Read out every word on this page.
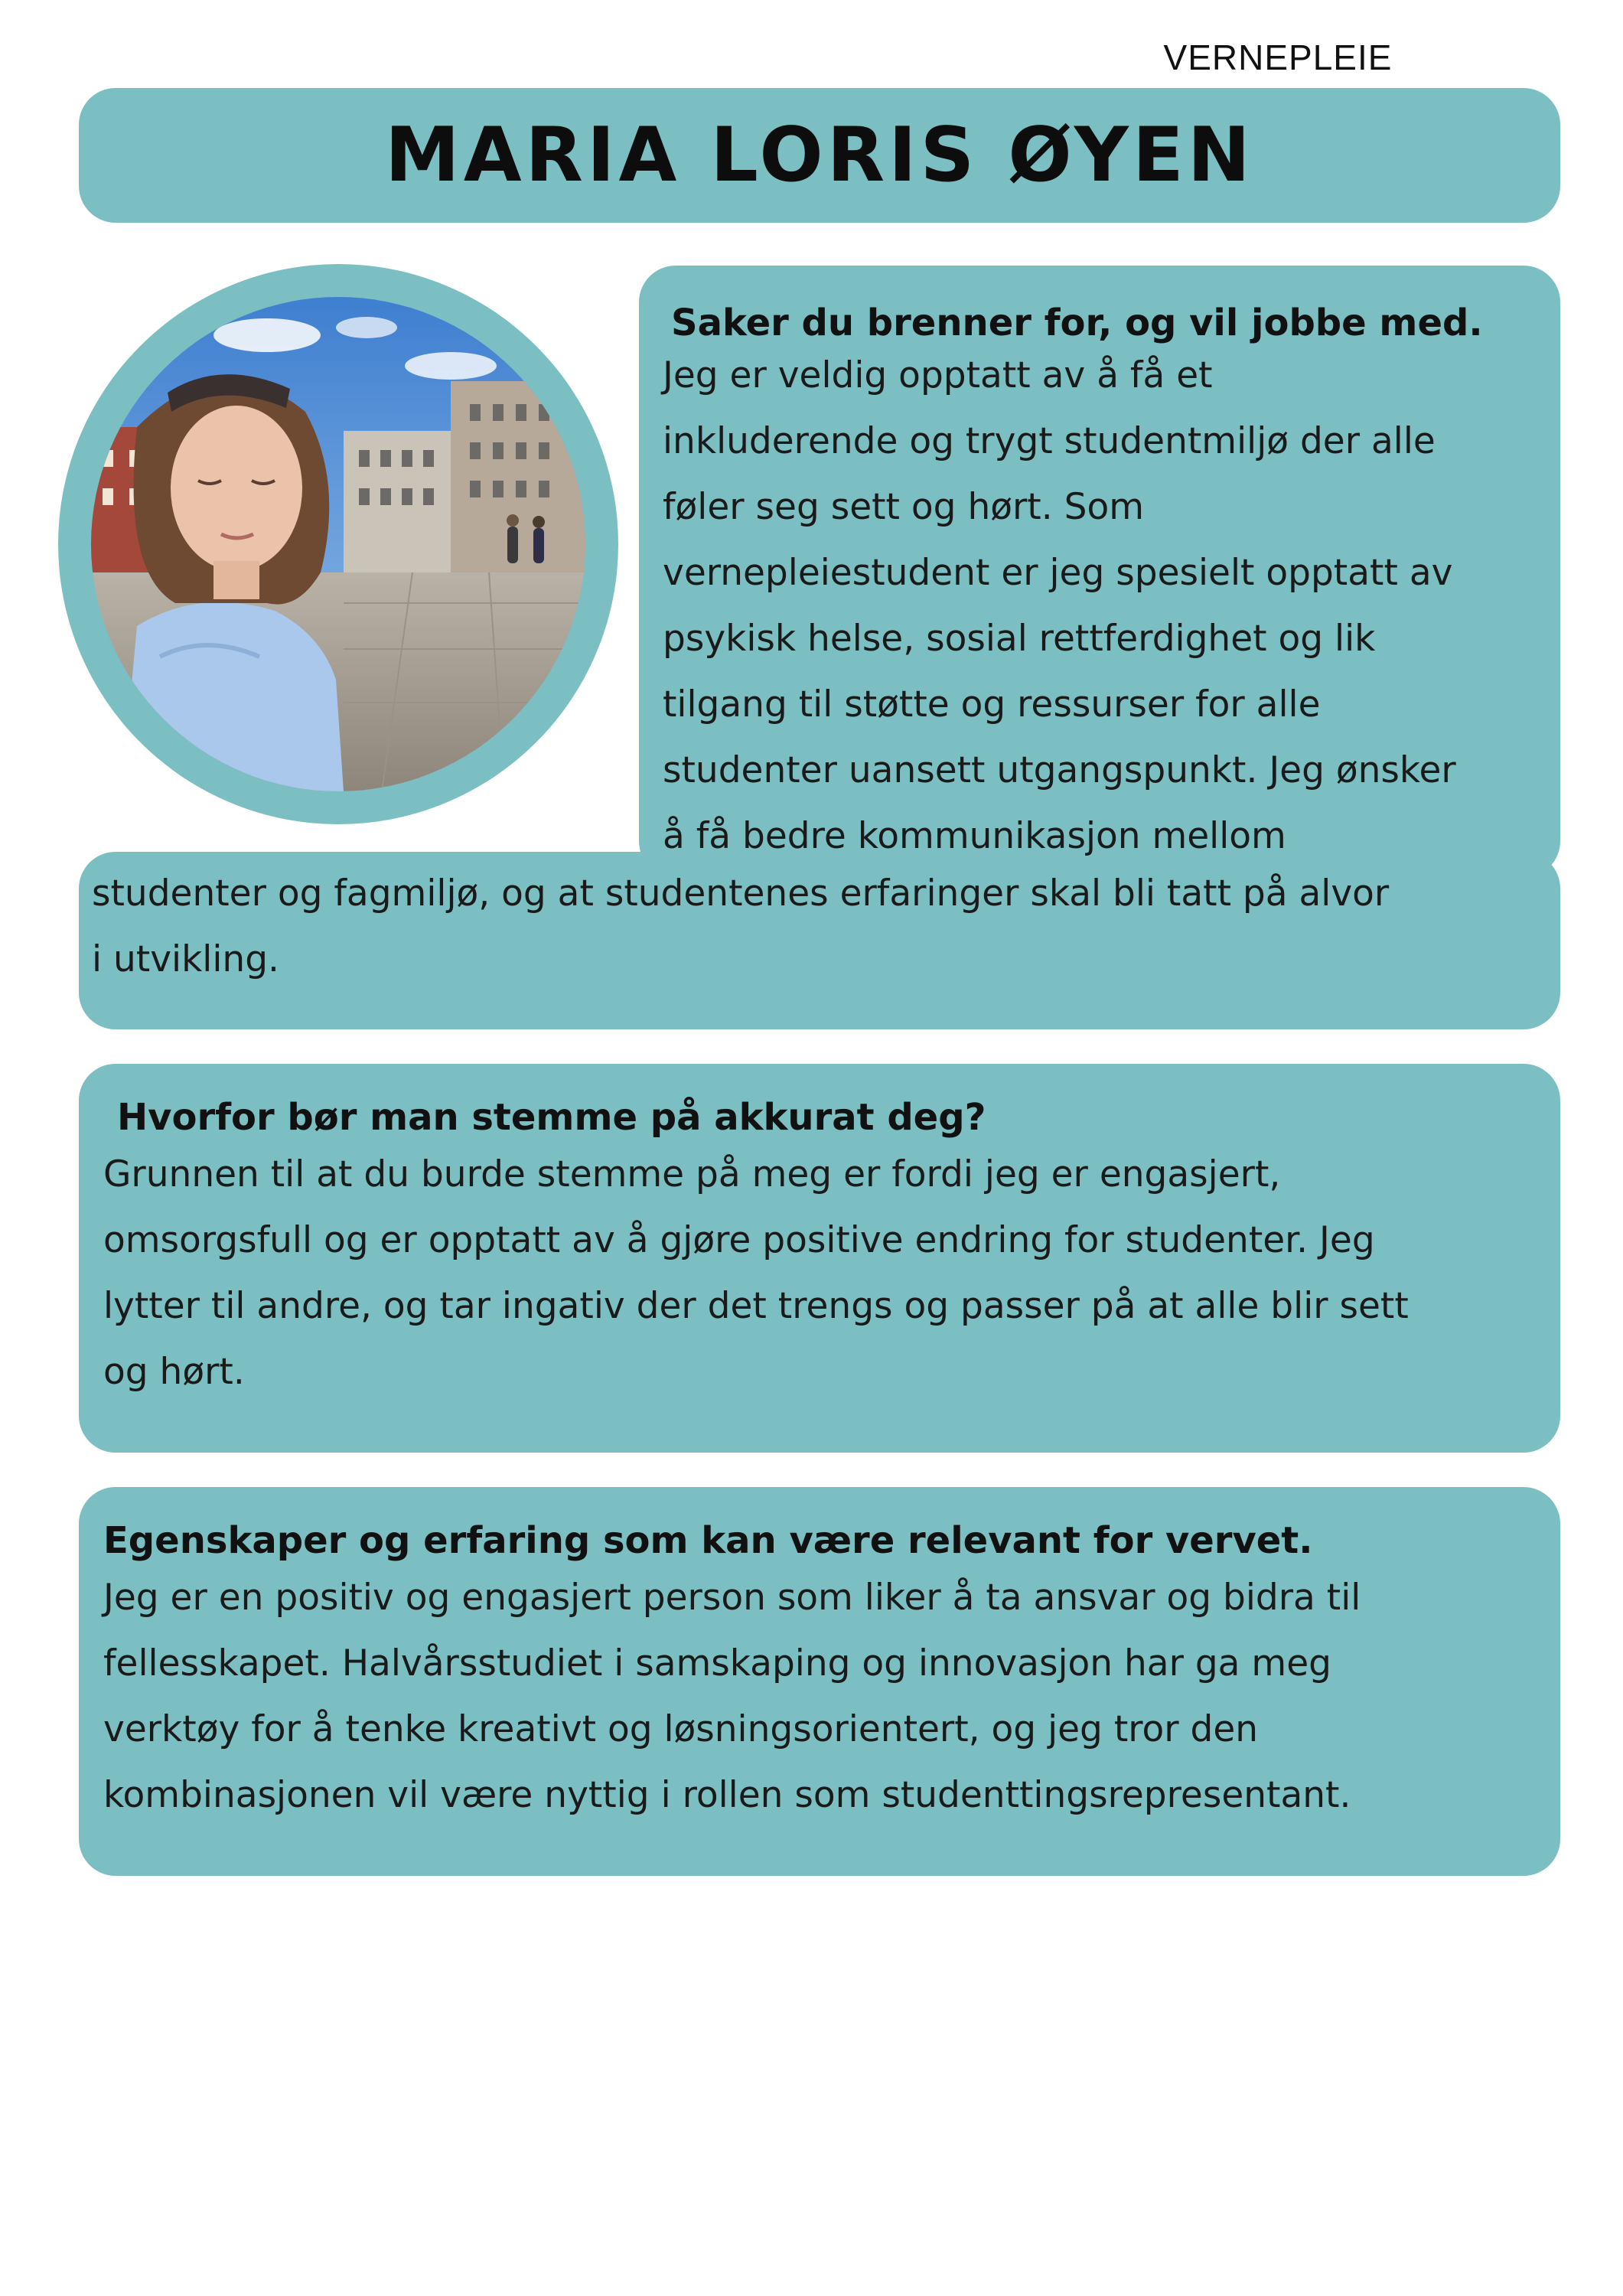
VERNEPLEIE
MARIA LORIS ØYEN
Saker du brenner for, og vil jobbe med.
Jeg er veldig opptatt av å få et
inkluderende og trygt studentmiljø der alle
føler seg sett og hørt. Som
vernepleiestudent er jeg spesielt opptatt av
psykisk helse, sosial rettferdighet og lik
tilgang til støtte og ressurser for alle
studenter uansett utgangspunkt. Jeg ønsker
å få bedre kommunikasjon mellom
studenter og fagmiljø, og at studentenes erfaringer skal bli tatt på alvor
i utvikling.
Hvorfor bør man stemme på akkurat deg?
Grunnen til at du burde stemme på meg er fordi jeg er engasjert,
omsorgsfull og er opptatt av å gjøre positive endring for studenter. Jeg
lytter til andre, og tar ingativ der det trengs og passer på at alle blir sett
og hørt.
Egenskaper og erfaring som kan være relevant for vervet.
Jeg er en positiv og engasjert person som liker å ta ansvar og bidra til
fellesskapet. Halvårsstudiet i samskaping og innovasjon har ga meg
verktøy for å tenke kreativt og løsningsorientert, og jeg tror den
kombinasjonen vil være nyttig i rollen som studenttingsrepresentant.
